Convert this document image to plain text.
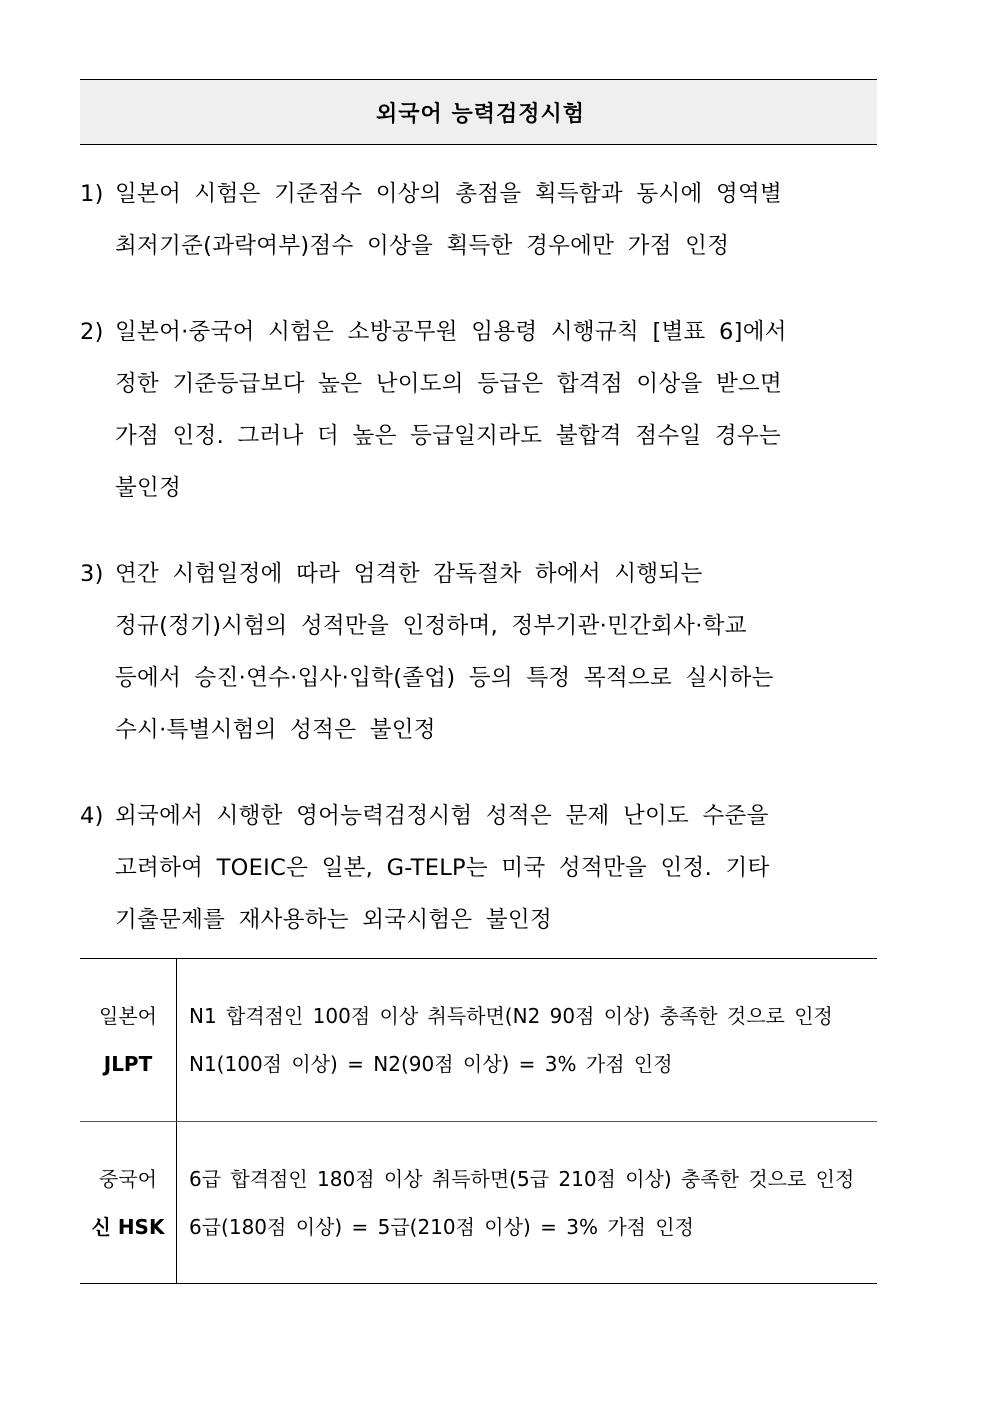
외국어 능력검정시험
1) 일본어 시험은 기준점수 이상의 총점을 획득함과 동시에 영역별
최저기준(과락여부)점수 이상을 획득한 경우에만 가점 인정
2) 일본어·중국어 시험은 소방공무원 임용령 시행규칙 [별표 6]에서
정한 기준등급보다 높은 난이도의 등급은 합격점 이상을 받으면
가점 인정. 그러나 더 높은 등급일지라도 불합격 점수일 경우는
불인정
3) 연간 시험일정에 따라 엄격한 감독절차 하에서 시행되는
정규(정기)시험의 성적만을 인정하며, 정부기관·민간회사·학교
등에서 승진·연수·입사·입학(졸업) 등의 특정 목적으로 실시하는
수시·특별시험의 성적은 불인정
4) 외국에서 시행한 영어능력검정시험 성적은 문제 난이도 수준을
고려하여 TOEIC은 일본, G-TELP는 미국 성적만을 인정. 기타
기출문제를 재사용하는 외국시험은 불인정
일본어
JLPT
N1 합격점인 100점 이상 취득하면(N2 90점 이상) 충족한 것으로 인정
N1(100점 이상) = N2(90점 이상) = 3% 가점 인정
중국어
신 HSK
6급 합격점인 180점 이상 취득하면(5급 210점 이상) 충족한 것으로 인정
6급(180점 이상) = 5급(210점 이상) = 3% 가점 인정
